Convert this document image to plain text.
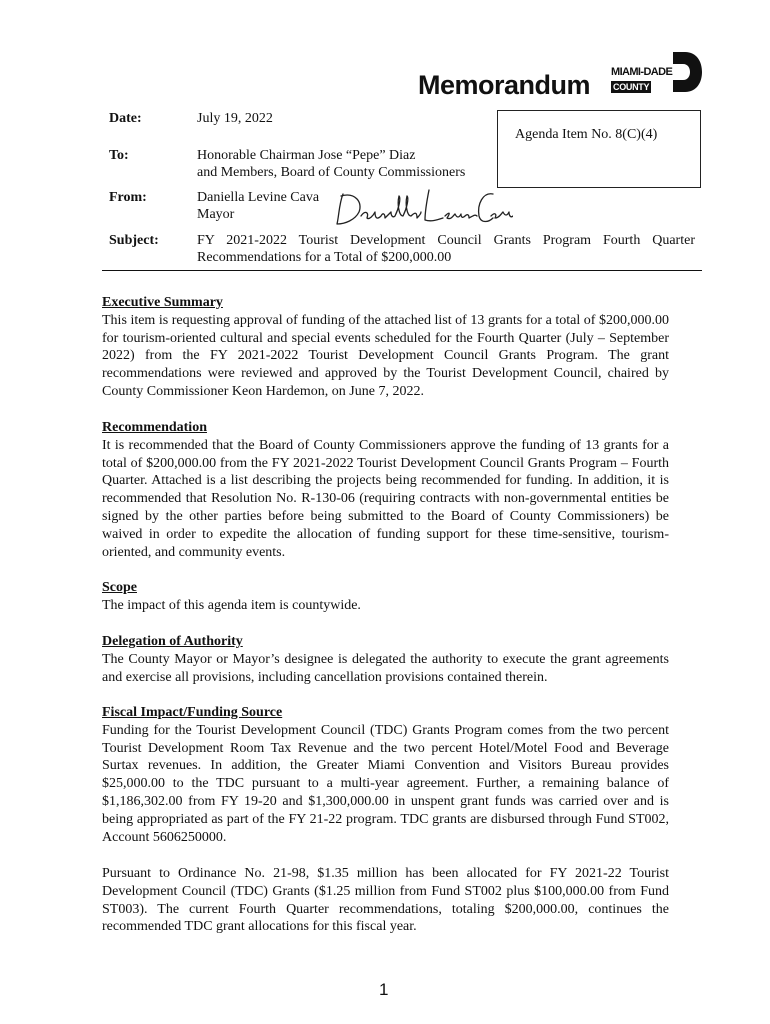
Memorandum MIAMI-DADE
COUNTY
Date:	July 19, 2022
Agenda Item No. 8(C)(4)
To:	Honorable Chairman Jose “Pepe” Diaz
and Members, Board of County Commissioners
From:	Daniella Levine Cava
Mayor
Subject:	FY 2021-2022 Tourist Development Council Grants Program Fourth Quarter Recommendations for a Total of $200,000.00
Executive Summary
This item is requesting approval of funding of the attached list of 13 grants for a total of $200,000.00 for tourism-oriented cultural and special events scheduled for the Fourth Quarter (July – September 2022) from the FY 2021-2022 Tourist Development Council Grants Program. The grant recommendations were reviewed and approved by the Tourist Development Council, chaired by County Commissioner Keon Hardemon, on June 7, 2022.
Recommendation
It is recommended that the Board of County Commissioners approve the funding of 13 grants for a total of $200,000.00 from the FY 2021-2022 Tourist Development Council Grants Program – Fourth Quarter. Attached is a list describing the projects being recommended for funding. In addition, it is recommended that Resolution No. R-130-06 (requiring contracts with non-governmental entities be signed by the other parties before being submitted to the Board of County Commissioners) be waived in order to expedite the allocation of funding support for these time-sensitive, tourism-oriented, and community events.
Scope
The impact of this agenda item is countywide.
Delegation of Authority
The County Mayor or Mayor’s designee is delegated the authority to execute the grant agreements and exercise all provisions, including cancellation provisions contained therein.
Fiscal Impact/Funding Source
Funding for the Tourist Development Council (TDC) Grants Program comes from the two percent Tourist Development Room Tax Revenue and the two percent Hotel/Motel Food and Beverage Surtax revenues. In addition, the Greater Miami Convention and Visitors Bureau provides $25,000.00 to the TDC pursuant to a multi-year agreement. Further, a remaining balance of $1,186,302.00 from FY 19-20 and $1,300,000.00 in unspent grant funds was carried over and is being appropriated as part of the FY 21-22 program. TDC grants are disbursed through Fund ST002, Account 5606250000.
Pursuant to Ordinance No. 21-98, $1.35 million has been allocated for FY 2021-22 Tourist Development Council (TDC) Grants ($1.25 million from Fund ST002 plus $100,000.00 from Fund ST003). The current Fourth Quarter recommendations, totaling $200,000.00, continues the recommended TDC grant allocations for this fiscal year.
1
